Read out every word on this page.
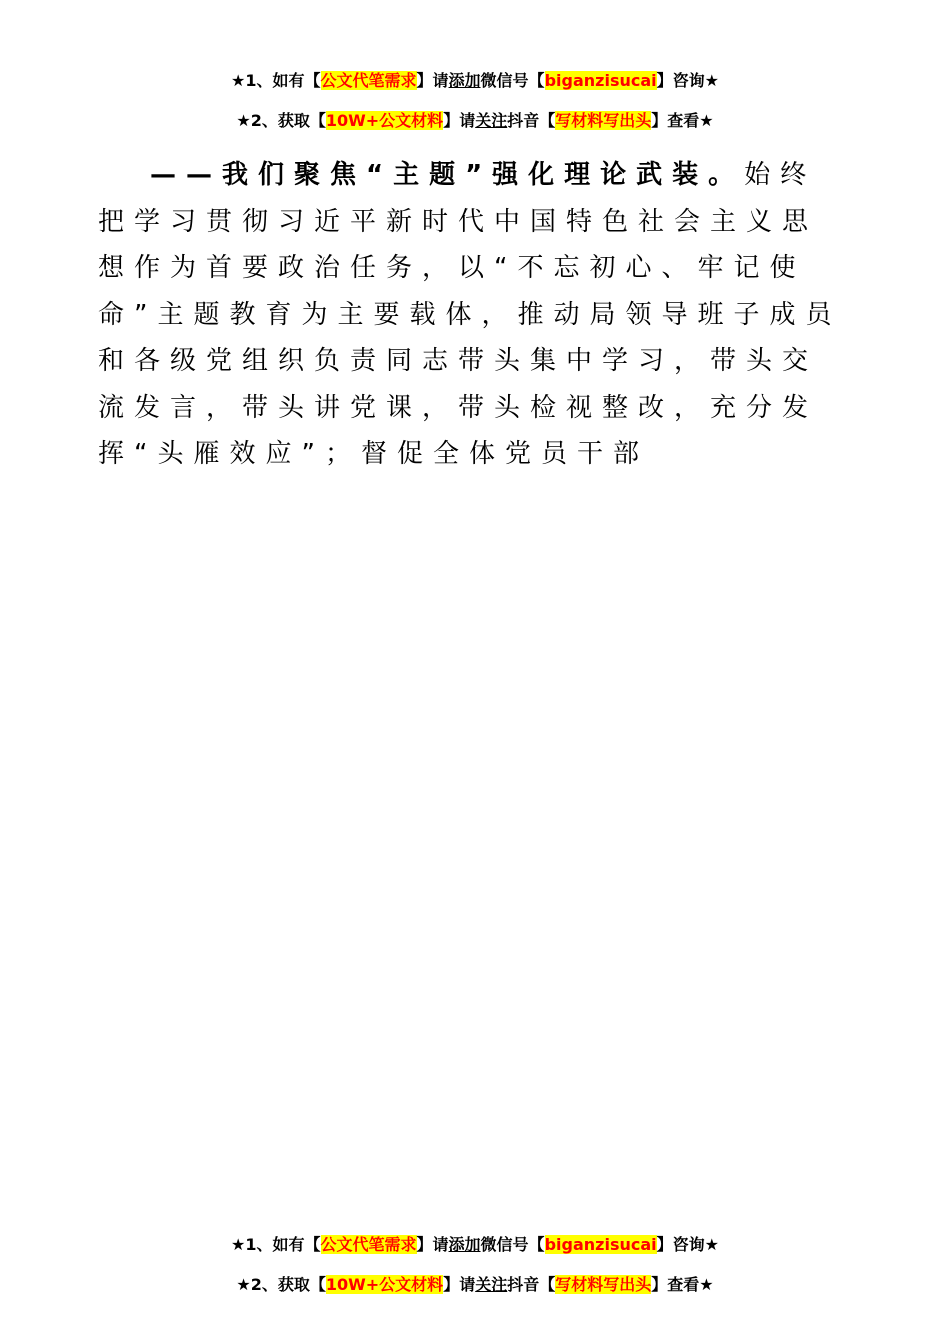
★1、如有【公文代笔需求】请添加微信号【biganzisucai】咨询★
★2、获取【10W+公文材料】请关注抖音【写材料写出头】查看★
——我们聚焦“主题”强化理论武装。始终把学习贯彻习近平新时代中国特色社会主义思想作为首要政治任务，以“不忘初心、牢记使命”主题教育为主要载体，推动局领导班子成员和各级党组织负责同志带头集中学习，带头交流发言，带头讲党课，带头检视整改，充分发挥“头雁效应”；督促全体党员干部
★1、如有【公文代笔需求】请添加微信号【biganzisucai】咨询★
★2、获取【10W+公文材料】请关注抖音【写材料写出头】查看★
